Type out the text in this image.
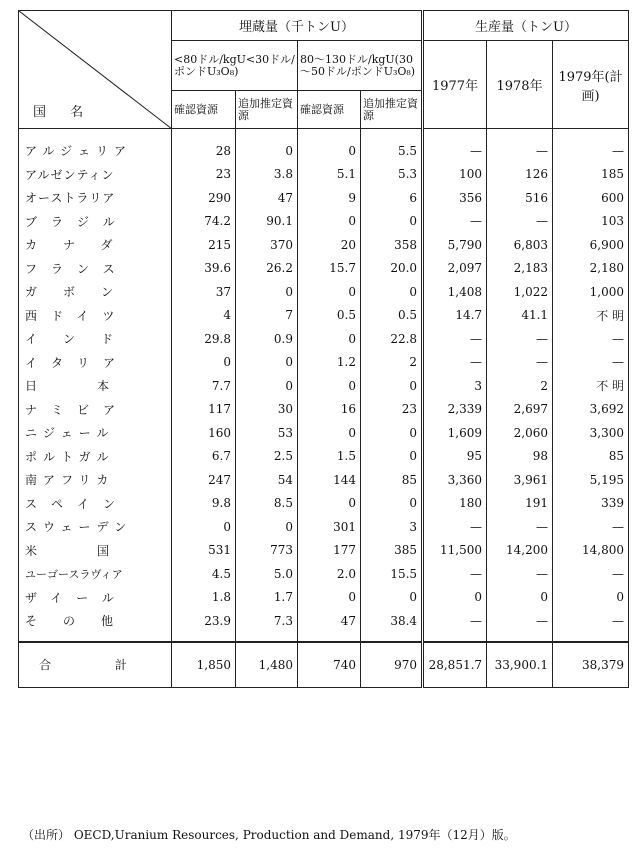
国 名	埋蔵量（千トンU）				生産量（トンU）		
	<80ドル/kgU<30ドル/ポンドU₃O₈)		80～130ドル/kgU(30～50ドル/ポンドU₃O₈)		1977年	1978年	1979年(計画)
	確認資源	追加推定資源	確認資源	追加推定資源			
アルジェリア	28	0	0	5.5	—	—	—
アルゼンティン	23	3.8	5.1	5.3	100	126	185
オーストラリア	290	47	9	6	356	516	600
ブラジル	74.2	90.1	0	0	—	—	103
カナダ	215	370	20	358	5,790	6,803	6,900
フランス	39.6	26.2	15.7	20.0	2,097	2,183	2,180
ガボン	37	0	0	0	1,408	1,022	1,000
西ドイツ	4	7	0.5	0.5	14.7	41.1	不 明
インド	29.8	0.9	0	22.8	—	—	—
イタリア	0	0	1.2	2	—	—	—
日本	7.7	0	0	0	3	2	不 明
ナミビア	117	30	16	23	2,339	2,697	3,692
ニジェール	160	53	0	0	1,609	2,060	3,300
ポルトガル	6.7	2.5	1.5	0	95	98	85
南アフリカ	247	54	144	85	3,360	3,961	5,195
スペイン	9.8	8.5	0	0	180	191	339
スウェーデン	0	0	301	3	—	—	—
米国	531	773	177	385	11,500	14,200	14,800
ユーゴースラヴィア	4.5	5.0	2.0	15.5	—	—	—
ザイール	1.8	1.7	0	0	0	0	0
その他	23.9	7.3	47	38.4	—	—	—
合 計	1,850	1,480	740	970	28,851.7	33,900.1	38,379
（出所） OECD,Uranium Resources, Production and Demand, 1979年（12月）版。
